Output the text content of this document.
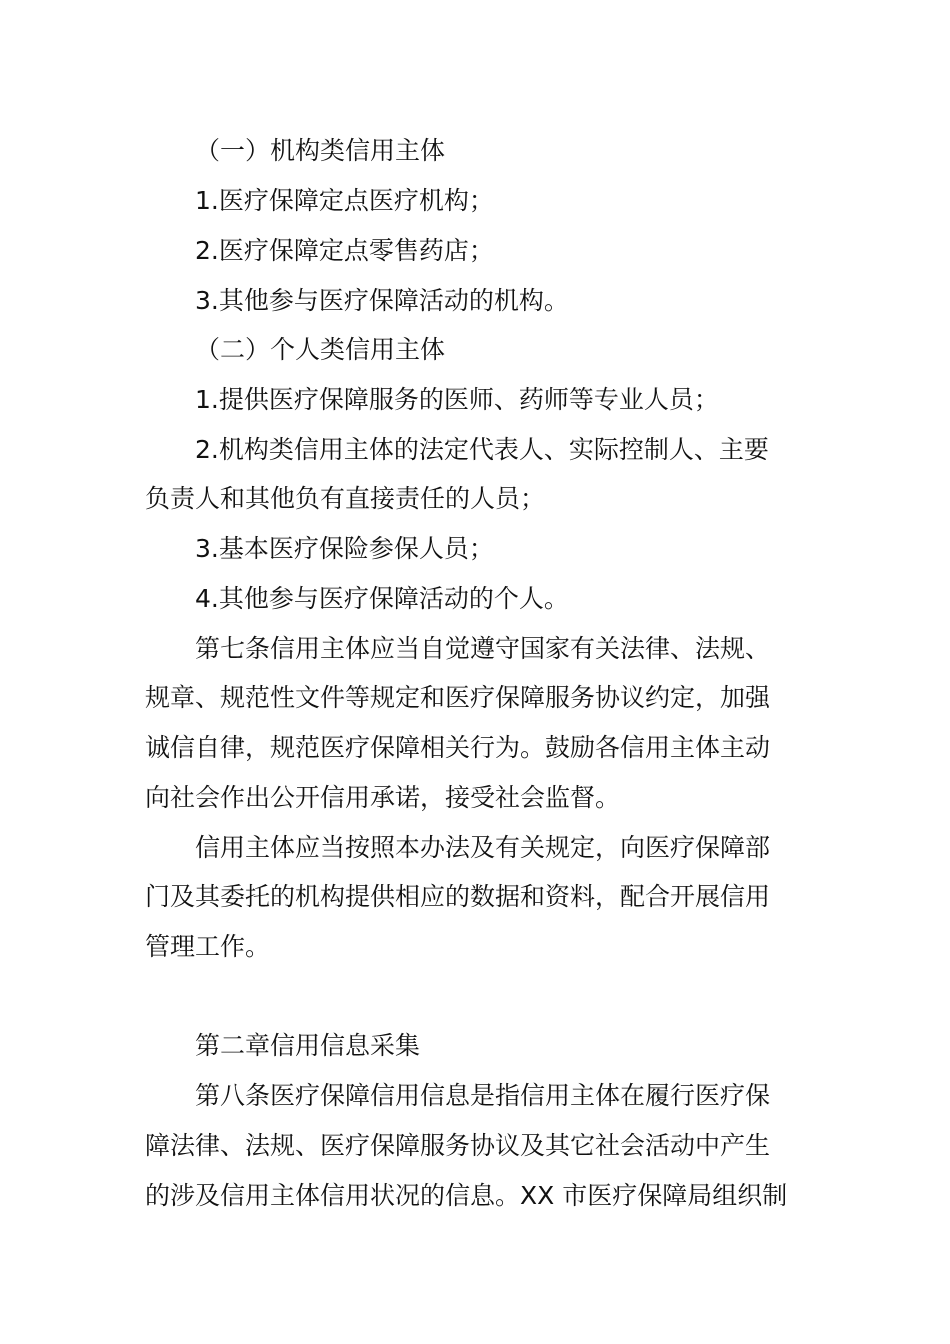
（一）机构类信用主体
1.医疗保障定点医疗机构；
2.医疗保障定点零售药店；
3.其他参与医疗保障活动的机构。
（二）个人类信用主体
1.提供医疗保障服务的医师、药师等专业人员；
2.机构类信用主体的法定代表人、实际控制人、主要
负责人和其他负有直接责任的人员；
3.基本医疗保险参保人员；
4.其他参与医疗保障活动的个人。
第七条信用主体应当自觉遵守国家有关法律、法规、
规章、规范性文件等规定和医疗保障服务协议约定，加强
诚信自律，规范医疗保障相关行为。鼓励各信用主体主动
向社会作出公开信用承诺，接受社会监督。
信用主体应当按照本办法及有关规定，向医疗保障部
门及其委托的机构提供相应的数据和资料，配合开展信用
管理工作。
第二章信用信息采集
第八条医疗保障信用信息是指信用主体在履行医疗保
障法律、法规、医疗保障服务协议及其它社会活动中产生
的涉及信用主体信用状况的信息。XX 市医疗保障局组织制
